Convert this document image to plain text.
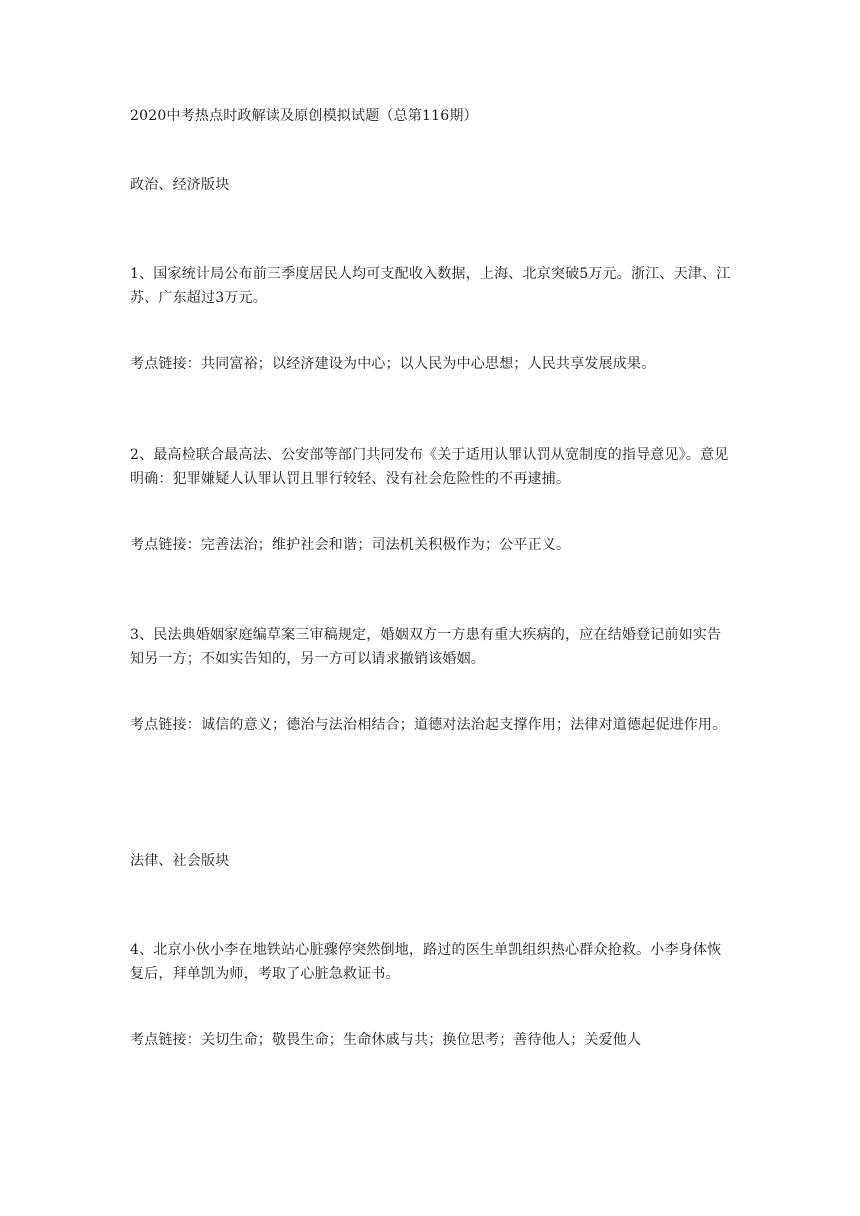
2020中考热点时政解读及原创模拟试题（总第116期）

政治、经济版块

1、国家统计局公布前三季度居民人均可支配收入数据，上海、北京突破5万元。浙江、天津、江苏、广东超过3万元。

考点链接：共同富裕；以经济建设为中心；以人民为中心思想；人民共享发展成果。

2、最高检联合最高法、公安部等部门共同发布《关于适用认罪认罚从宽制度的指导意见》。意见明确：犯罪嫌疑人认罪认罚且罪行较轻、没有社会危险性的不再逮捕。

考点链接：完善法治；维护社会和谐；司法机关积极作为；公平正义。

3、民法典婚姻家庭编草案三审稿规定，婚姻双方一方患有重大疾病的，应在结婚登记前如实告知另一方；不如实告知的，另一方可以请求撤销该婚姻。

考点链接：诚信的意义；德治与法治相结合；道德对法治起支撑作用；法律对道德起促进作用。

法律、社会版块

4、北京小伙小李在地铁站心脏骤停突然倒地，路过的医生单凯组织热心群众抢救。小李身体恢复后，拜单凯为师，考取了心脏急救证书。

考点链接：关切生命；敬畏生命；生命休戚与共；换位思考；善待他人；关爱他人
